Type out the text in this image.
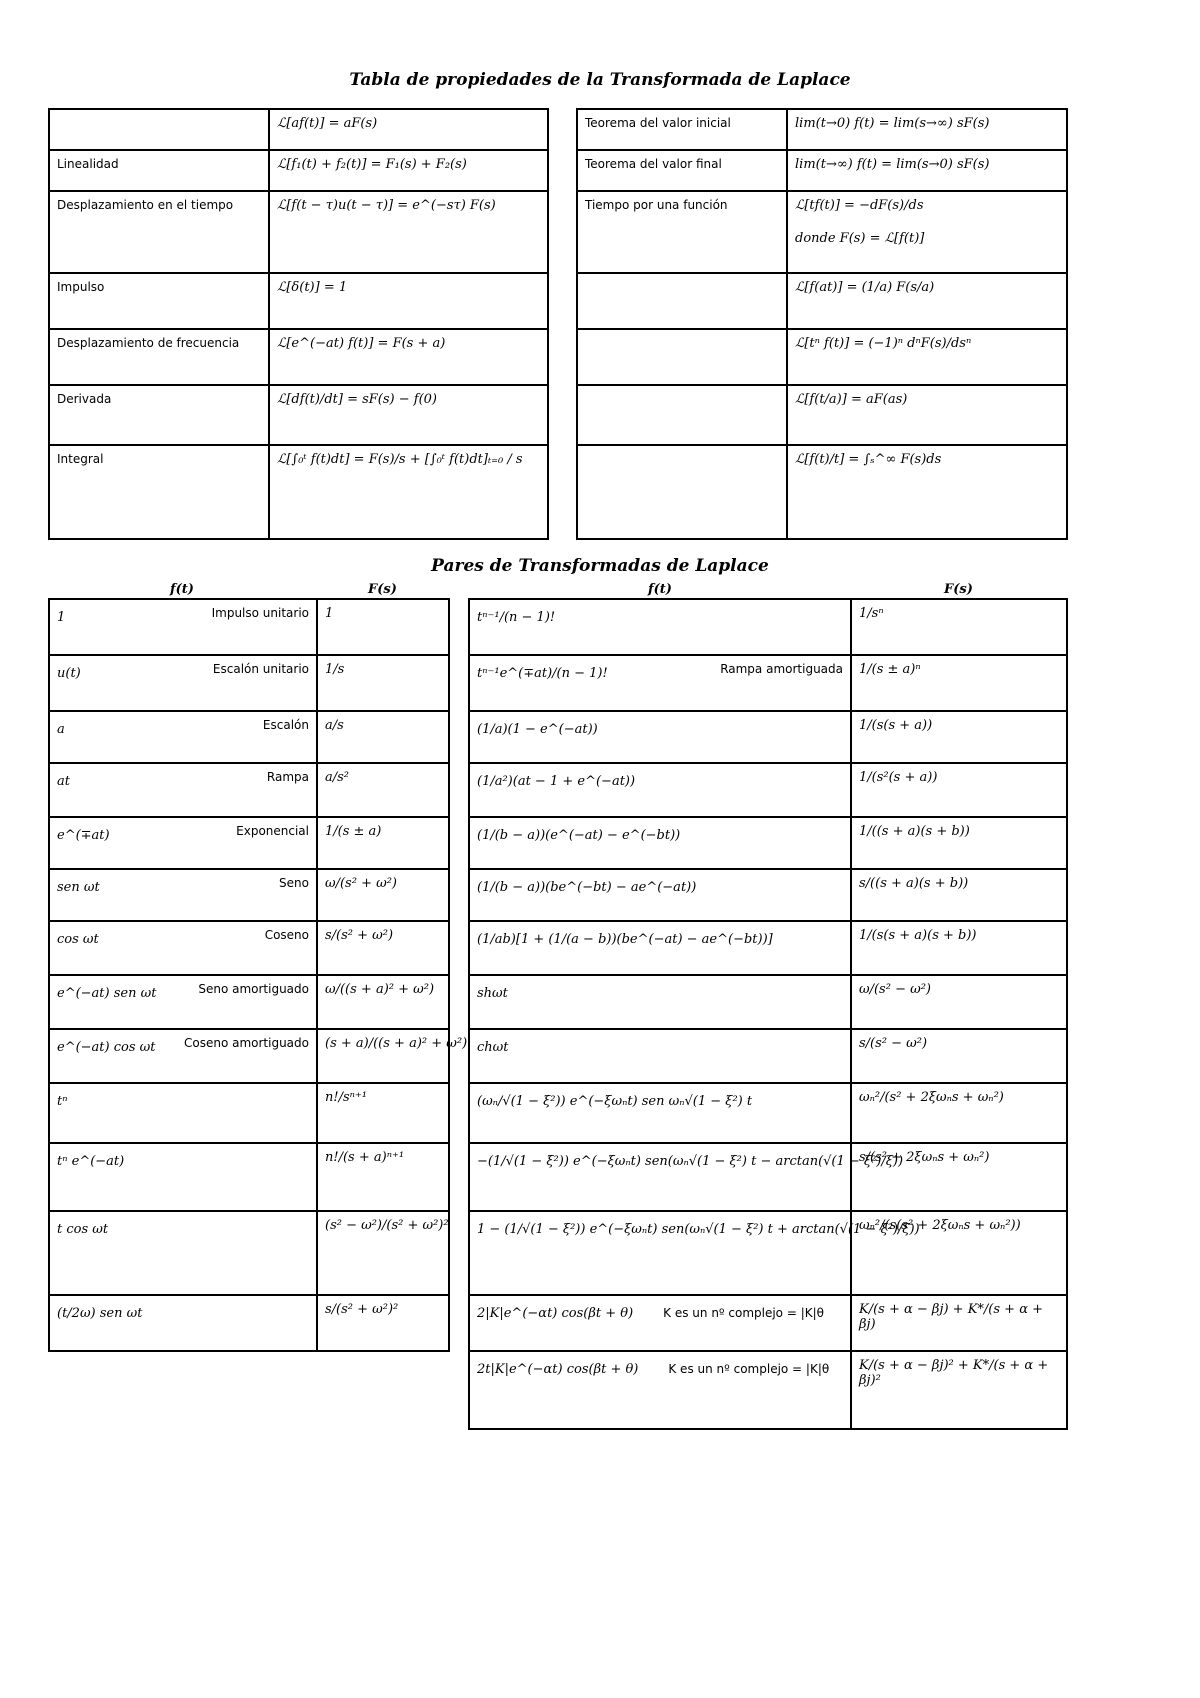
Tabla de propiedades de la Transformada de Laplace
	ℒ[af(t)] = aF(s)
Linealidad	ℒ[f₁(t) + f₂(t)] = F₁(s) + F₂(s)
Desplazamiento en el tiempo	ℒ[f(t − τ)u(t − τ)] = e^(−sτ) F(s)
Impulso	ℒ[δ(t)] = 1
Desplazamiento de frecuencia	ℒ[e^(−at) f(t)] = F(s + a)
Derivada	ℒ[df(t)/dt] = sF(s) − f(0)
Integral	ℒ[∫₀ᵗ f(t)dt] = F(s)/s + [∫₀ᵗ f(t)dt]ₜ₌₀ / s
Teorema del valor inicial	lim(t→0) f(t) = lim(s→∞) sF(s)

Teorema del valor final	lim(t→∞) f(t) = lim(s→0) sF(s)

Tiempo por una función	ℒ[tf(t)] = −dF(s)/ds
donde F(s) = ℒ[f(t)]

	ℒ[f(at)] = (1/a) F(s/a)

	ℒ[tⁿ f(t)] = (−1)ⁿ dⁿF(s)/dsⁿ

	ℒ[f(t/a)] = aF(as)

	ℒ[f(t)/t] = ∫ₛ^∞ F(s)ds
Pares de Transformadas de Laplace
f(t)	F(s)	f(t)	F(s)
1 Impulso unitario	1
u(t) Escalón unitario	1/s
a Escalón	a/s
at Rampa	a/s²
e^(∓at) Exponencial	1/(s ± a)
sen ωt Seno	ω/(s² + ω²)
cos ωt Coseno	s/(s² + ω²)
e^(−at) sen ωt Seno amortiguado	ω/((s + a)² + ω²)
e^(−at) cos ωt Coseno amortiguado	(s + a)/((s + a)² + ω²)
tⁿ	n!/sⁿ⁺¹
tⁿ e^(−at)	n!/(s + a)ⁿ⁺¹
t cos ωt	(s² − ω²)/(s² + ω²)²
(t/2ω) sen ωt	s/(s² + ω²)²
tⁿ⁻¹/(n − 1)!	1/sⁿ
tⁿ⁻¹e^(∓at)/(n − 1)! Rampa amortiguada	1/(s ± a)ⁿ
(1/a)(1 − e^(−at))	1/(s(s + a))
(1/a²)(at − 1 + e^(−at))	1/(s²(s + a))
(1/(b − a))(e^(−at) − e^(−bt))	1/((s + a)(s + b))
(1/(b − a))(be^(−bt) − ae^(−at))	s/((s + a)(s + b))
(1/ab)[1 + (1/(a − b))(be^(−at) − ae^(−bt))]	1/(s(s + a)(s + b))
shωt	ω/(s² − ω²)
chωt	s/(s² − ω²)
(ωₙ/√(1 − ξ²)) e^(−ξωₙt) sen ωₙ√(1 − ξ²) t	ωₙ²/(s² + 2ξωₙs + ωₙ²)
−(1/√(1 − ξ²)) e^(−ξωₙt) sen(ωₙ√(1 − ξ²) t − arctan(√(1 − ξ²)/ξ))	s/(s² + 2ξωₙs + ωₙ²)
1 − (1/√(1 − ξ²)) e^(−ξωₙt) sen(ωₙ√(1 − ξ²) t + arctan(√(1 − ξ²)/ξ))	ωₙ²/(s(s² + 2ξωₙs + ωₙ²))
2|K|e^(−αt) cos(βt + θ) K es un nº complejo = |K|θ	K/(s + α − βj) + K*/(s + α + βj)
2t|K|e^(−αt) cos(βt + θ) K es un nº complejo = |K|θ	K/(s + α − βj)² + K*/(s + α + βj)²
